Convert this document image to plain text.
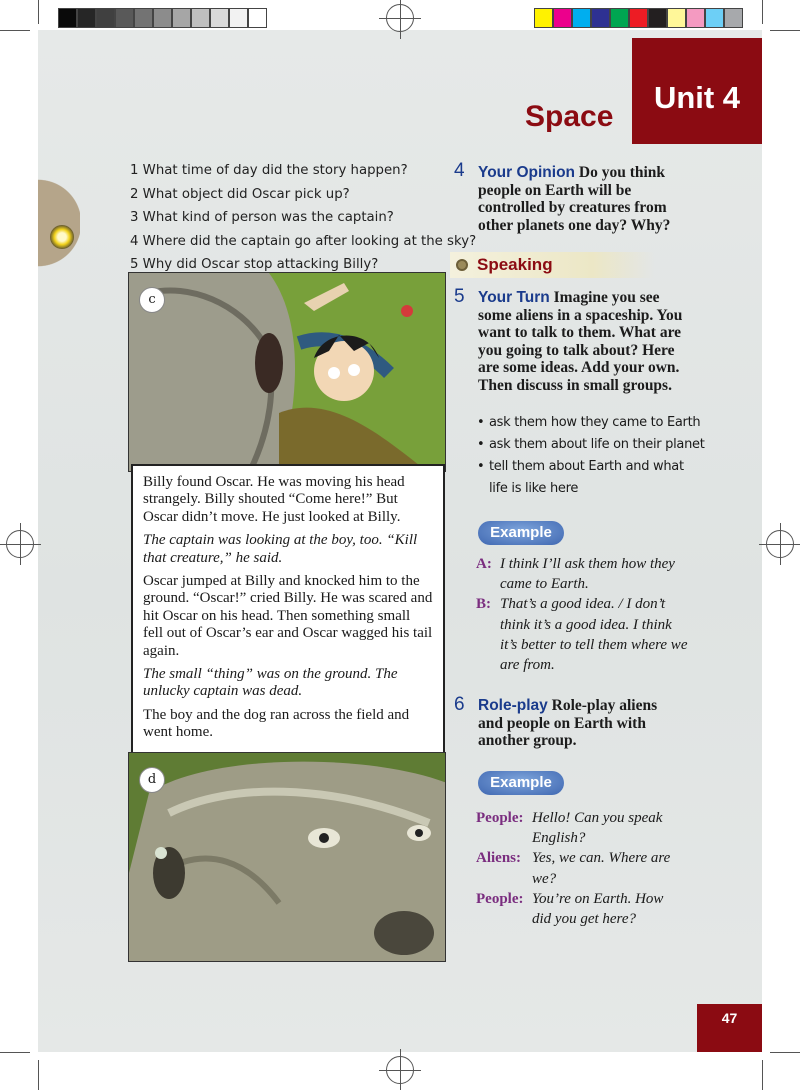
Unit 4
Space
1 What time of day did the story happen?
2 What object did Oscar pick up?
3 What kind of person was the captain?
4 Where did the captain go after looking at the sky?
5 Why did Oscar stop attacking Billy?
c

Billy found Oscar. He was moving his head strangely. Billy shouted “Come here!” But Oscar didn’t move. He just looked at Billy.

The captain was looking at the boy, too. “Kill that creature,” he said.

Oscar jumped at Billy and knocked him to the ground. “Oscar!” cried Billy. He was scared and hit Oscar on his head. Then something small fell out of Oscar’s ear and Oscar wagged his tail again.

The small “thing” was on the ground. The unlucky captain was dead.

The boy and the dog ran across the field and went home.

d
4 Your Opinion Do you think people on Earth will be controlled by creatures from other planets one day? Why?
Speaking
5 Your Turn Imagine you see some aliens in a spaceship. You want to talk to them. What are you going to talk about? Here are some ideas. Add your own. Then discuss in small groups.
• ask them how they came to Earth
• ask them about life on their planet
• tell them about Earth and what life is like here
Example
A: I think I’ll ask them how they came to Earth.
B: That’s a good idea. / I don’t think it’s a good idea. I think it’s better to tell them where we are from.
6 Role-play Role-play aliens and people on Earth with another group.
Example
People: Hello! Can you speak English?
Aliens: Yes, we can. Where are we?
People: You’re on Earth. How did you get here?
47
